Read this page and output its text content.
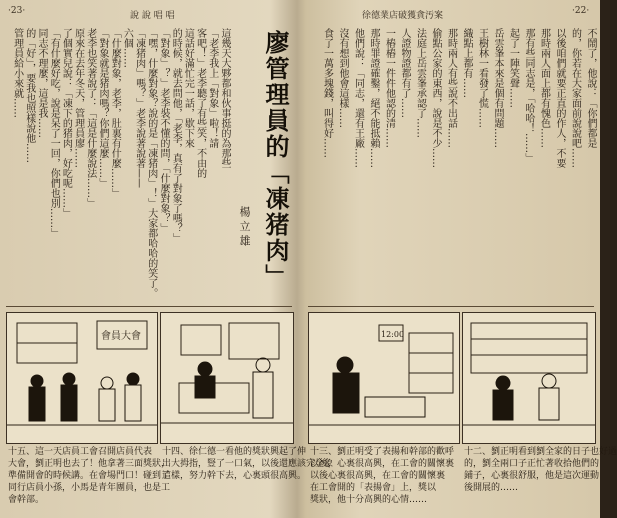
·23·	說 說 唱 唱
廖管理員的「凍猪肉」
楊 立 雄
這幾天大夥都和伙事挺的為那些
「老李我上「對象」啦！請
客吧！」老李聽了有些笑，不由的
這話好滿忙完一話，歇下來
的時候，就去問他，「老李，真有了對象了嗎？」
「對象」？」老李裝不懂的問，「什麼對象？」
「嘿，什麼對象？說的是「凍猪肉」！」大家都哈哈的笑了。
「凍猪肉」嗎？」老李說著說著——
六個……
「什麼對象，老李，肚裏有什麼……」
「對象就是猪肉嗎？你們這麼……」
老李也笑著說了：「這是什麼說法……」
原來在去年冬天，管理員廖……
了個實兒說：「凍下的猪肉，好吃呢……」
「有什麼好吃，說是呆了一回，你們也別……」
同志不理麼，這是我……
的「好」，要我也照樣說他……
管理員給小來就……
會員大會
十五、這一天店員工會召開店員代表
大會，劉正明也去了！他拿著三面獎狀，
準備開會的時候講。在會場門口！碰到了
同行店員小孫，小馬是青年團員，也是工
會幹部。
十四、徐仁德一看他的獎狀興起了伸
出大拇指，豎了一口氣，以後還應該完全象
這樣，努力幹下去，心裏頭很高興。
·22·
徐德業店破獲貪汚案
不鬧了，他說：「你們都是
的，你若在大家面前說說吧……
以後咱們就要正直的作人，不要
那時兩人面上都有愧色……
那有些同志是，「哈哈！……」
起了一陣笑聲……
岳雲峯本來是個有問題……
王樹林一看發了慌……
織點上都有……
那時兩人有些說不出話……
偷點公家的東西，說是不少……
法庭上岳雲峯承認了……
人證物證都有了……
一樁樁一件件他認的清……
那時罪證確鑿，絕不能抵賴……
他們說：「同志，還有王廠……
沒有想到他會這樣……
食了一萬多塊錢，叫得好……
12:00
十三、劉正明受了表揚和幹部的歡呼
以後，心裏很高興，在工會的關懷裏
以後心裏很高興，在工會的關懷裏
在工會開的「表揚會」上，獎以
獎狀，他十分高興的心情……
十二、劉正明看到劉全家的日子也好過
的，劉全兩口子正忙著收拾他們的
鋪子，心裏很舒服，他是這次運動
後開展的……
